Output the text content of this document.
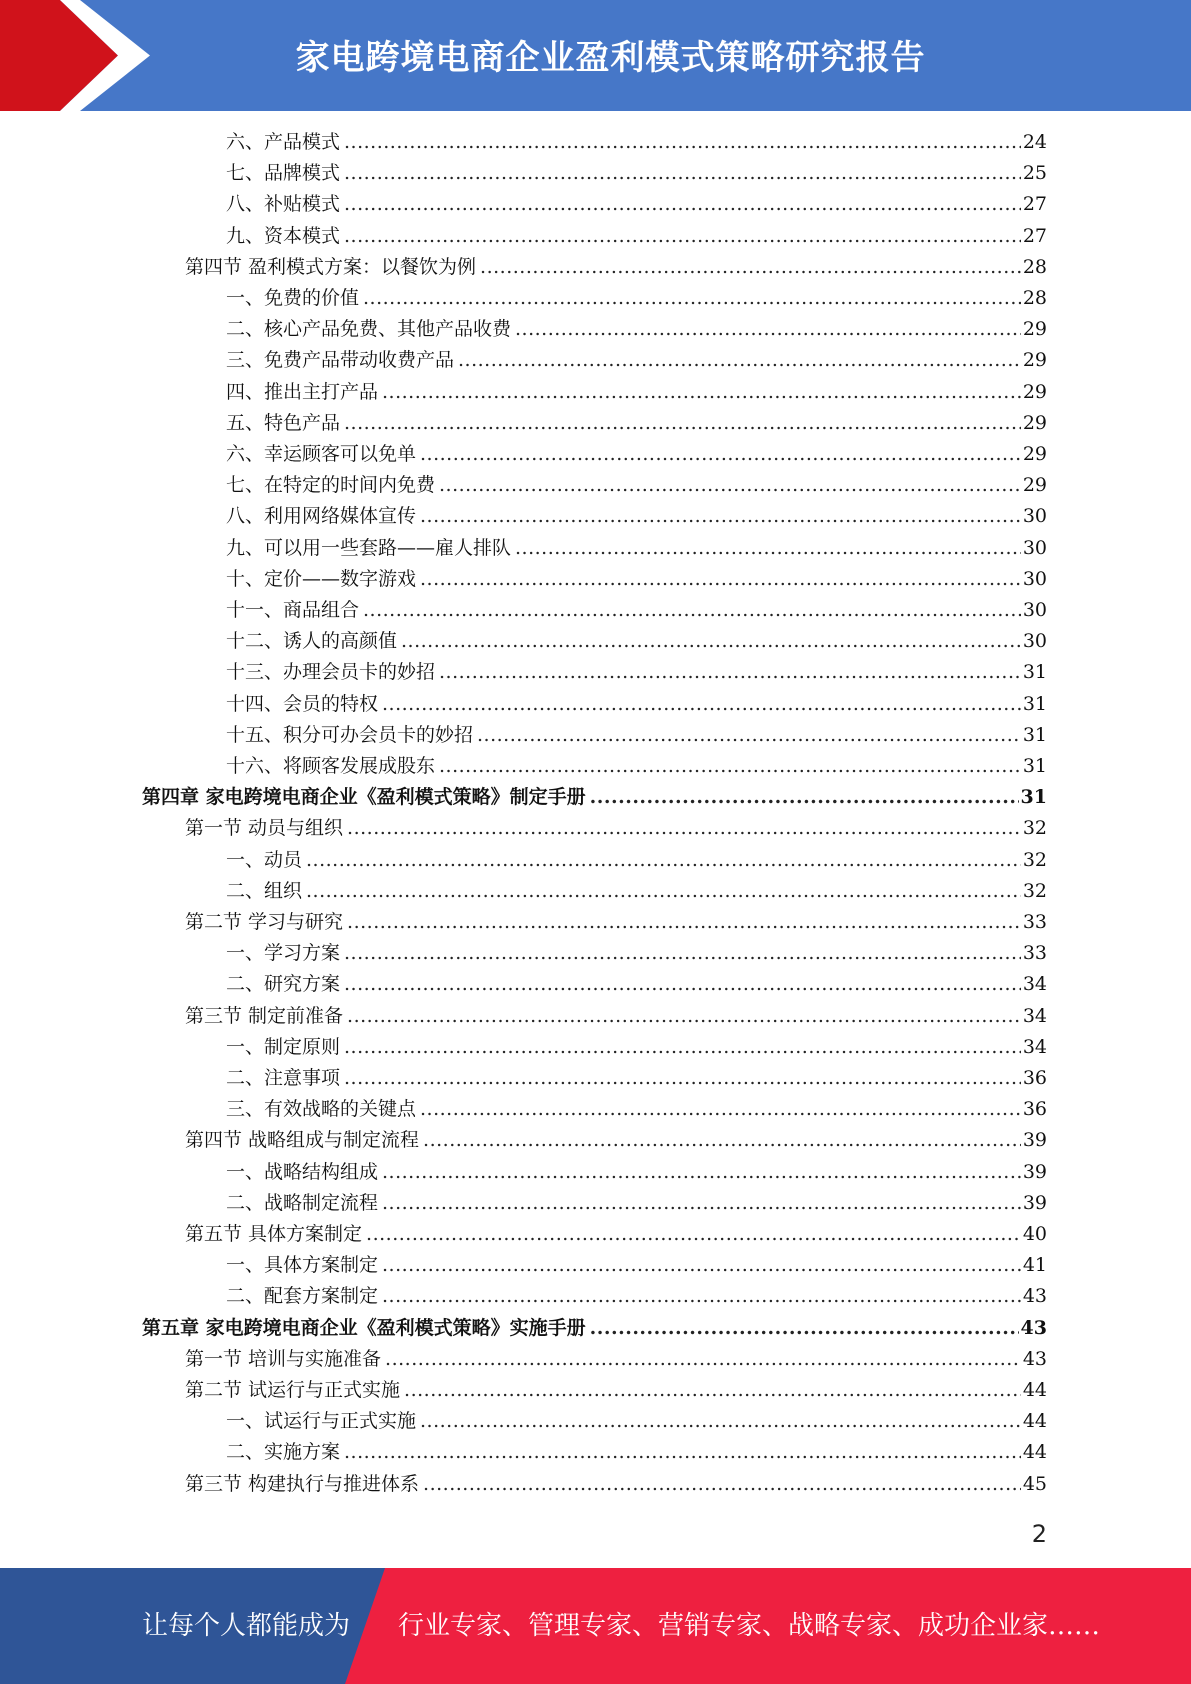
家电跨境电商企业盈利模式策略研究报告
六、产品模式 .....	24
七、品牌模式 .....	25
八、补贴模式 .....	27
九、资本模式 .....	27
第四节 盈利模式方案：以餐饮为例 .....	28
一、免费的价值 .....	28
二、核心产品免费、其他产品收费 .....	29
三、免费产品带动收费产品 .....	29
四、推出主打产品 .....	29
五、特色产品 .....	29
六、幸运顾客可以免单 .....	29
七、在特定的时间内免费 .....	29
八、利用网络媒体宣传 .....	30
九、可以用一些套路——雇人排队 .....	30
十、定价——数字游戏 .....	30
十一、商品组合 .....	30
十二、诱人的高颜值 .....	30
十三、办理会员卡的妙招 .....	31
十四、会员的特权 .....	31
十五、积分可办会员卡的妙招 .....	31
十六、将顾客发展成股东 .....	31
第四章 家电跨境电商企业《盈利模式策略》制定手册 .....	31
第一节 动员与组织 .....	32
一、动员 .....	32
二、组织 .....	32
第二节 学习与研究 .....	33
一、学习方案 .....	33
二、研究方案 .....	34
第三节 制定前准备 .....	34
一、制定原则 .....	34
二、注意事项 .....	36
三、有效战略的关键点 .....	36
第四节 战略组成与制定流程 .....	39
一、战略结构组成 .....	39
二、战略制定流程 .....	39
第五节 具体方案制定 .....	40
一、具体方案制定 .....	41
二、配套方案制定 .....	43
第五章 家电跨境电商企业《盈利模式策略》实施手册 .....	43
第一节 培训与实施准备 .....	43
第二节 试运行与正式实施 .....	44
一、试运行与正式实施 .....	44
二、实施方案 .....	44
第三节 构建执行与推进体系 .....	45
2
让每个人都能成为 行业专家、管理专家、营销专家、战略专家、成功企业家……
